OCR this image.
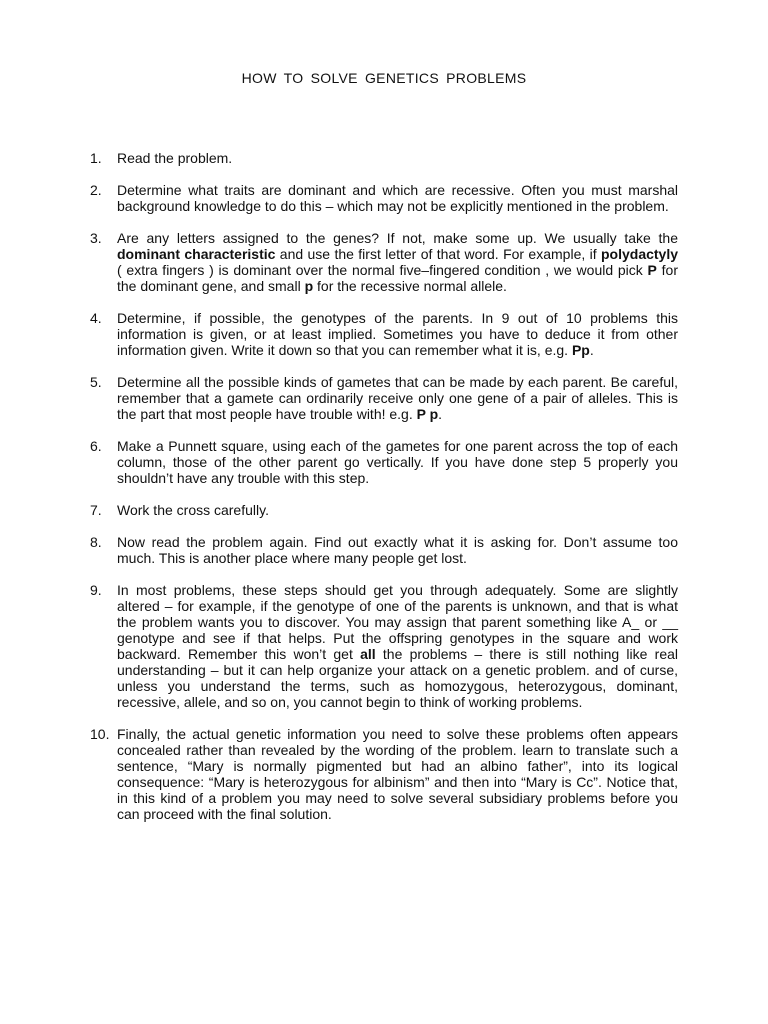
HOW TO SOLVE GENETICS PROBLEMS
1. Read the problem.
2. Determine what traits are dominant and which are recessive. Often you must marshal background knowledge to do this – which may not be explicitly mentioned in the problem.
3. Are any letters assigned to the genes? If not, make some up. We usually take the dominant characteristic and use the first letter of that word. For example, if polydactyly ( extra fingers ) is dominant over the normal five–fingered condition , we would pick P for the dominant gene, and small p for the recessive normal allele.
4. Determine, if possible, the genotypes of the parents. In 9 out of 10 problems this information is given, or at least implied. Sometimes you have to deduce it from other information given. Write it down so that you can remember what it is, e.g. Pp.
5. Determine all the possible kinds of gametes that can be made by each parent. Be careful, remember that a gamete can ordinarily receive only one gene of a pair of alleles. This is the part that most people have trouble with! e.g. P p.
6. Make a Punnett square, using each of the gametes for one parent across the top of each column, those of the other parent go vertically. If you have done step 5 properly you shouldn’t have any trouble with this step.
7. Work the cross carefully.
8. Now read the problem again. Find out exactly what it is asking for. Don’t assume too much. This is another place where many people get lost.
9. In most problems, these steps should get you through adequately. Some are slightly altered – for example, if the genotype of one of the parents is unknown, and that is what the problem wants you to discover. You may assign that parent something like A_ or __ genotype and see if that helps. Put the offspring genotypes in the square and work backward. Remember this won’t get all the problems – there is still nothing like real understanding – but it can help organize your attack on a genetic problem. and of curse, unless you understand the terms, such as homozygous, heterozygous, dominant, recessive, allele, and so on, you cannot begin to think of working problems.
10. Finally, the actual genetic information you need to solve these problems often appears concealed rather than revealed by the wording of the problem. learn to translate such a sentence, “Mary is normally pigmented but had an albino father”, into its logical consequence: “Mary is heterozygous for albinism” and then into “Mary is Cc”. Notice that, in this kind of a problem you may need to solve several subsidiary problems before you can proceed with the final solution.
